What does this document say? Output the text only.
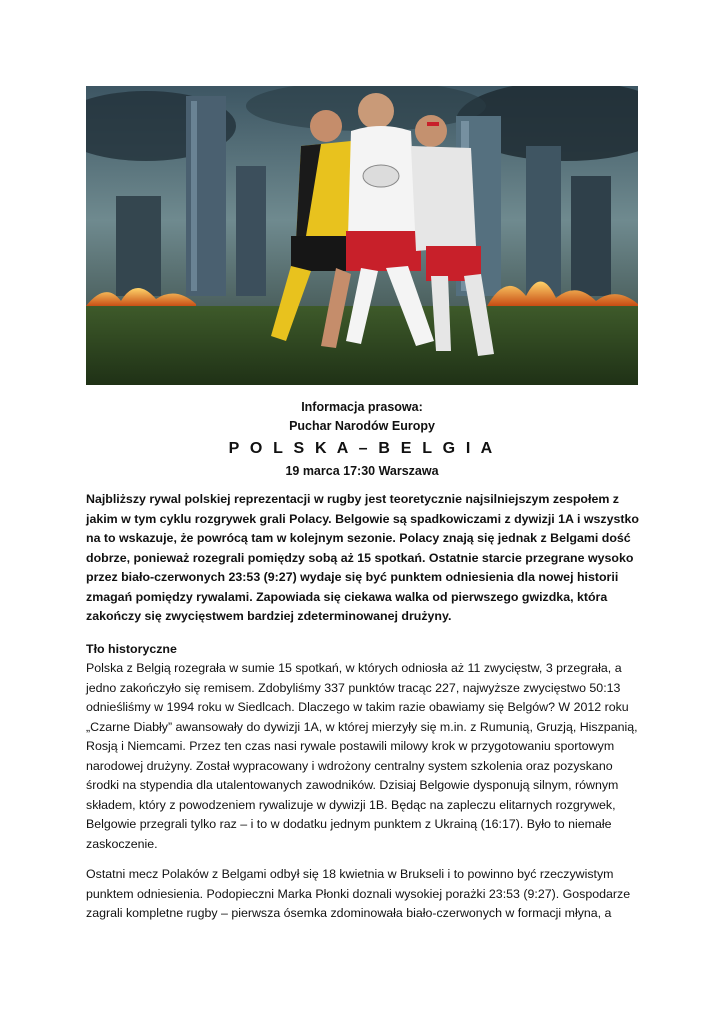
Informacja prasowa:
Puchar Narodów Europy
P O L S K A – B E L G I A
19 marca 17:30 Warszawa

Najbliższy rywal polskiej reprezentacji w rugby jest teoretycznie najsilniejszym zespołem z jakim w tym cyklu rozgrywek grali Polacy. Belgowie są spadkowiczami z dywizji 1A i wszystko na to wskazuje, że powrócą tam w kolejnym sezonie. Polacy znają się jednak z Belgami dość dobrze, ponieważ rozegrali pomiędzy sobą aż 15 spotkań. Ostatnie starcie przegrane wysoko przez biało-czerwonych 23:53 (9:27) wydaje się być punktem odniesienia dla nowej historii zmagań pomiędzy rywalami. Zapowiada się ciekawa walka od pierwszego gwizdka, która zakończy się zwycięstwem bardziej zdeterminowanej drużyny.

Tło historyczne

Polska z Belgią rozegrała w sumie 15 spotkań, w których odniosła aż 11 zwycięstw, 3 przegrała, a jedno zakończyło się remisem. Zdobyliśmy 337 punktów tracąc 227, najwyższe zwycięstwo 50:13 odnieśliśmy w 1994 roku w Siedlcach. Dlaczego w takim razie obawiamy się Belgów? W 2012 roku „Czarne Diabły” awansowały do dywizji 1A, w której mierzyły się m.in. z Rumunią, Gruzją, Hiszpanią, Rosją i Niemcami. Przez ten czas nasi rywale postawili milowy krok w przygotowaniu sportowym narodowej drużyny. Został wypracowany i wdrożony centralny system szkolenia oraz pozyskano środki na stypendia dla utalentowanych zawodników. Dzisiaj Belgowie dysponują silnym, równym składem, który z powodzeniem rywalizuje w dywizji 1B. Będąc na zapleczu elitarnych rozgrywek, Belgowie przegrali tylko raz – i to w dodatku jednym punktem z Ukrainą (16:17). Było to niemałe zaskoczenie.

Ostatni mecz Polaków z Belgami odbył się 18 kwietnia w Brukseli i to powinno być rzeczywistym punktem odniesienia. Podopieczni Marka Płonki doznali wysokiej porażki 23:53 (9:27). Gospodarze zagrali kompletne rugby – pierwsza ósemka zdominowała biało-czerwonych w formacji młyna, a
